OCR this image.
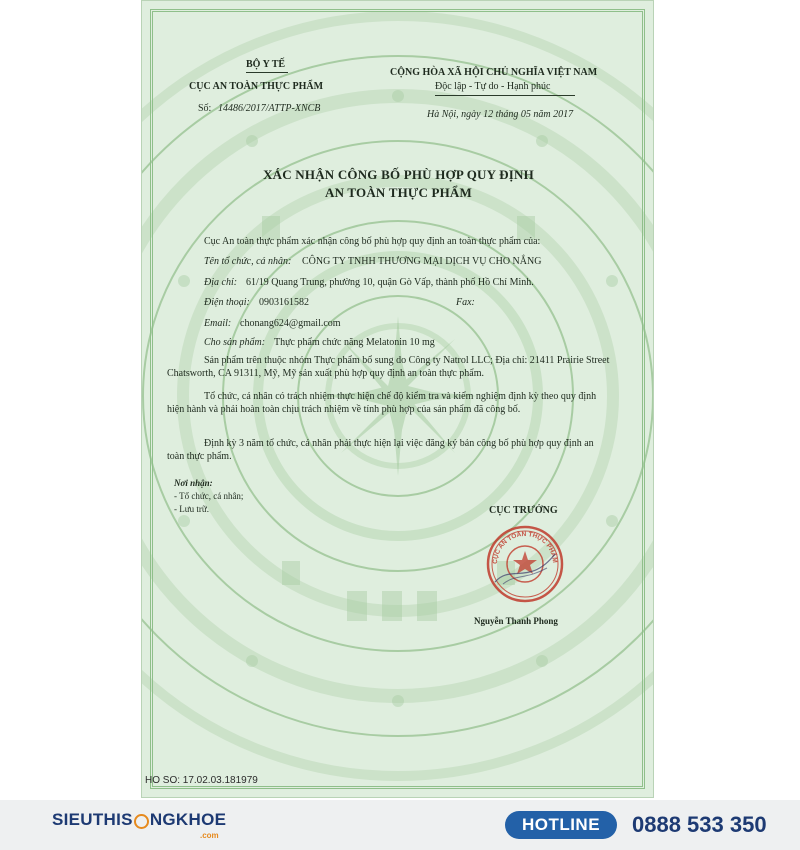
BỘ Y TẾ
CỤC AN TOÀN THỰC PHẨM
Số: 14486/2017/ATTP-XNCB
CỘNG HÒA XÃ HỘI CHỦ NGHĨA VIỆT NAM
Độc lập - Tự do - Hạnh phúc
Hà Nội, ngày 12 tháng 05 năm 2017
XÁC NHẬN CÔNG BỐ PHÙ HỢP QUY ĐỊNH
AN TOÀN THỰC PHẨM
Cục An toàn thực phẩm xác nhận công bố phù hợp quy định an toàn thực phẩm của:
Tên tổ chức, cá nhân: CÔNG TY TNHH THƯƠNG MẠI DỊCH VỤ CHO NẮNG
Địa chỉ: 61/19 Quang Trung, phường 10, quận Gò Vấp, thành phố Hồ Chí Minh.
Điện thoại: 0903161582	Fax:
Email: chonang624@gmail.com
Cho sản phẩm: Thực phẩm chức năng Melatonin 10 mg
Sản phẩm trên thuộc nhóm Thực phẩm bổ sung do Công ty Natrol LLC; Địa chỉ: 21411 Prairie Street Chatsworth, CA 91311, Mỹ, Mỹ sản xuất phù hợp quy định an toàn thực phẩm.
Tổ chức, cá nhân có trách nhiệm thực hiện chế độ kiểm tra và kiểm nghiệm định kỳ theo quy định hiện hành và phải hoàn toàn chịu trách nhiệm về tính phù hợp của sản phẩm đã công bố.
Định kỳ 3 năm tổ chức, cá nhân phải thực hiện lại việc đăng ký bản công bố phù hợp quy định an toàn thực phẩm.
Nơi nhận:
- Tổ chức, cá nhân;
- Lưu trữ.	CỤC TRƯỞNG
CỤC AN TOÀN THỰC PHẨM
Nguyễn Thanh Phong
HO SO: 17.02.03.181979
SIEUTHIS NGKHOE
.com
HOTLINE	0888 533 350
